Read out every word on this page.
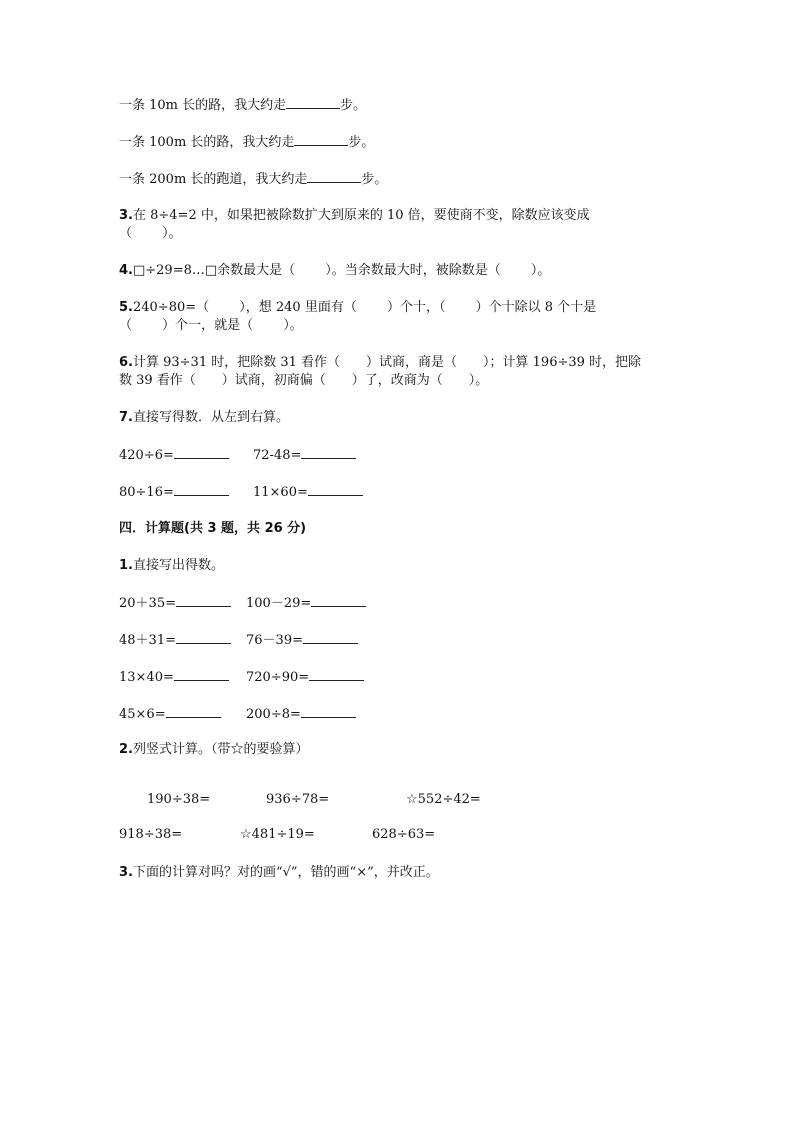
一条 10m 长的路，我大约走	步。
一条 100m 长的路，我大约走	步。
一条 200m 长的跑道，我大约走	步。
3.在 8÷4=2 中，如果把被除数扩大到原来的 10 倍，要使商不变，除数应该变成
（　　 ）。
4.□÷29=8…□余数最大是（　　 ）。当余数最大时，被除数是（　　 ）。
5.240÷80=（　　 ），想 240 里面有（　　 ）个十，（　　 ）个十除以 8 个十是
（　　 ）个一，就是（　　 ）。
6.计算 93÷31 时，把除数 31 看作（　　）试商，商是（　　）；计算 196÷39 时，把除
数 39 看作（　　）试商，初商偏（　　）了，改商为（　　）。
7.直接写得数．从左到右算。
420÷6=	72-48=
80÷16=	11×60=
四．计算题(共 3 题，共 26 分)
1.直接写出得数。
20＋35=	100－29=
48＋31=	76－39=
13×40=	720÷90=
45×6=	200÷8=
2.列竖式计算。（带☆的要验算）
190÷38=	936÷78=	☆552÷42=
918÷38=	☆481÷19=	628÷63=
3.下面的计算对吗？对的画“√”，错的画“×”，并改正。
